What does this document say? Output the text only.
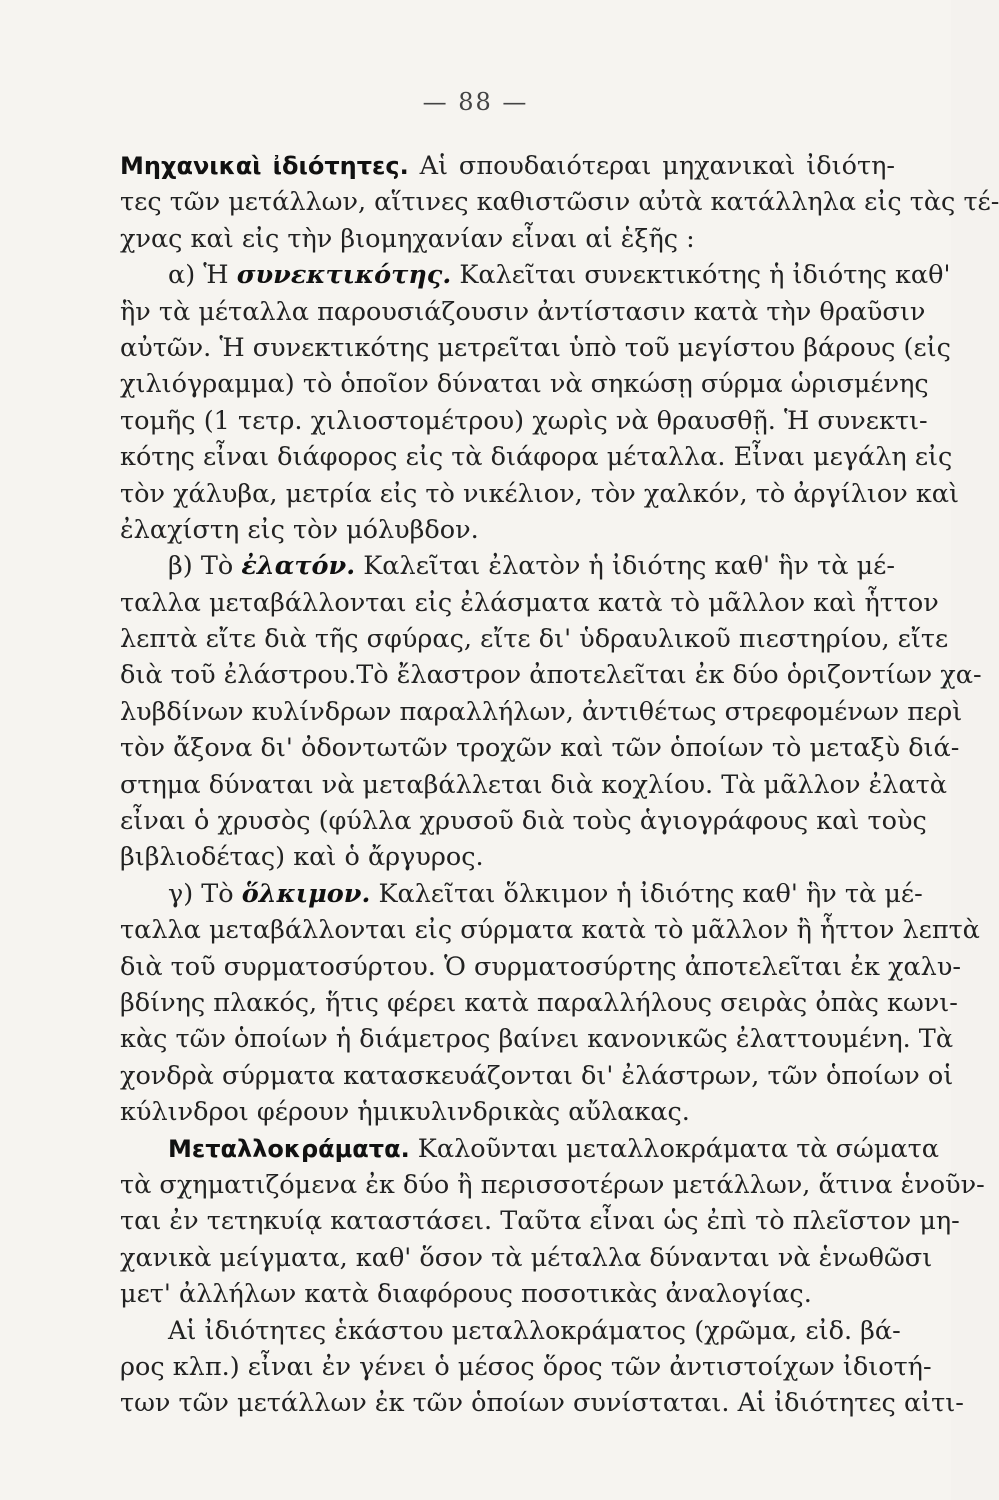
— 88 —
Μηχανικαὶ ἰδιότητες. Αἱ σπουδαιότεραι μηχανικαὶ ἰδιότη-
τες τῶν μετάλλων, αἵτινες καθιστῶσιν αὐτὰ κατάλληλα εἰς τὰς τέ-
χνας καὶ εἰς τὴν βιομηχανίαν εἶναι αἱ ἑξῆς :
α) Ἡ συνεκτικότης. Καλεῖται συνεκτικότης ἡ ἰδιότης καθ'
ἣν τὰ μέταλλα παρουσιάζουσιν ἀντίστασιν κατὰ τὴν θραῦσιν
αὐτῶν. Ἡ συνεκτικότης μετρεῖται ὑπὸ τοῦ μεγίστου βάρους (εἰς
χιλιόγραμμα) τὸ ὁποῖον δύναται νὰ σηκώσῃ σύρμα ὡρισμένης
τομῆς (1 τετρ. χιλιοστομέτρου) χωρὶς νὰ θραυσθῇ. Ἡ συνεκτι-
κότης εἶναι διάφορος εἰς τὰ διάφορα μέταλλα. Εἶναι μεγάλη εἰς
τὸν χάλυβα, μετρία εἰς τὸ νικέλιον, τὸν χαλκόν, τὸ ἀργίλιον καὶ
ἐλαχίστη εἰς τὸν μόλυβδον.
β) Τὸ ἐλατόν. Καλεῖται ἐλατὸν ἡ ἰδιότης καθ' ἣν τὰ μέ-
ταλλα μεταβάλλονται εἰς ἐλάσματα κατὰ τὸ μᾶλλον καὶ ἧττον
λεπτὰ εἴτε διὰ τῆς σφύρας, εἴτε δι' ὑδραυλικοῦ πιεστηρίου, εἴτε
διὰ τοῦ ἐλάστρου.Τὸ ἔλαστρον ἀποτελεῖται ἐκ δύο ὁριζοντίων χα-
λυβδίνων κυλίνδρων παραλλήλων, ἀντιθέτως στρεφομένων περὶ
τὸν ἄξονα δι' ὀδοντωτῶν τροχῶν καὶ τῶν ὁποίων τὸ μεταξὺ διά-
στημα δύναται νὰ μεταβάλλεται διὰ κοχλίου. Τὰ μᾶλλον ἐλατὰ
εἶναι ὁ χρυσὸς (φύλλα χρυσοῦ διὰ τοὺς ἁγιογράφους καὶ τοὺς
βιβλιοδέτας) καὶ ὁ ἄργυρος.
γ) Τὸ ὅλκιμον. Καλεῖται ὅλκιμον ἡ ἰδιότης καθ' ἣν τὰ μέ-
ταλλα μεταβάλλονται εἰς σύρματα κατὰ τὸ μᾶλλον ἢ ἧττον λεπτὰ
διὰ τοῦ συρματοσύρτου. Ὁ συρματοσύρτης ἀποτελεῖται ἐκ χαλυ-
βδίνης πλακός, ἥτις φέρει κατὰ παραλλήλους σειρὰς ὀπὰς κωνι-
κὰς τῶν ὁποίων ἡ διάμετρος βαίνει κανονικῶς ἐλαττουμένη. Τὰ
χονδρὰ σύρματα κατασκευάζονται δι' ἐλάστρων, τῶν ὁποίων οἱ
κύλινδροι φέρουν ἡμικυλινδρικὰς αὔλακας.
Μεταλλοκράματα. Καλοῦνται μεταλλοκράματα τὰ σώματα
τὰ σχηματιζόμενα ἐκ δύο ἢ περισσοτέρων μετάλλων, ἅτινα ἑνοῦν-
ται ἐν τετηκυίᾳ καταστάσει. Ταῦτα εἶναι ὡς ἐπὶ τὸ πλεῖστον μη-
χανικὰ μείγματα, καθ' ὅσον τὰ μέταλλα δύνανται νὰ ἑνωθῶσι
μετ' ἀλλήλων κατὰ διαφόρους ποσοτικὰς ἀναλογίας.
Αἱ ἰδιότητες ἑκάστου μεταλλοκράματος (χρῶμα, εἰδ. βά-
ρος κλπ.) εἶναι ἐν γένει ὁ μέσος ὅρος τῶν ἀντιστοίχων ἰδιοτή-
των τῶν μετάλλων ἐκ τῶν ὁποίων συνίσταται. Αἱ ἰδιότητες αἰτι-
